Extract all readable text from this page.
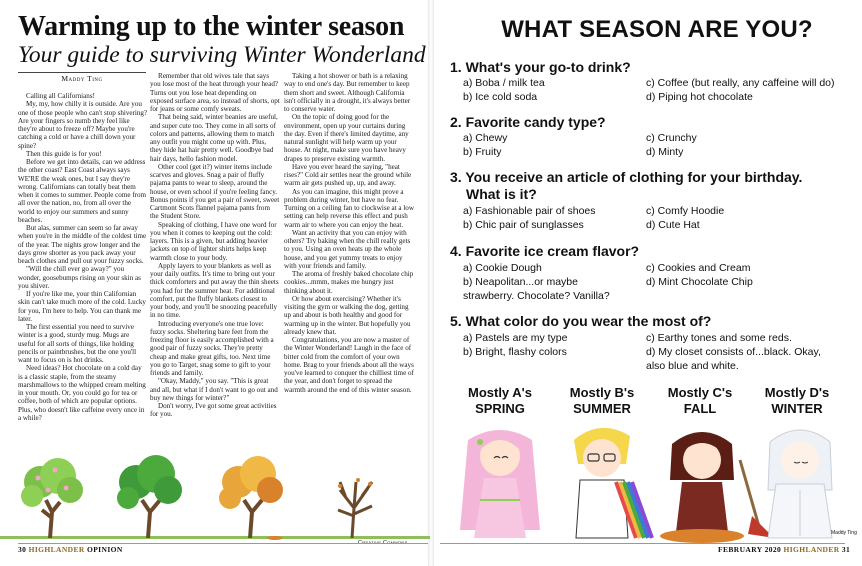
Warming up to the winter season
Your guide to surviving Winter Wonderland
Maddy Ting

Calling all Californians!

My, my, how chilly it is outside. Are you one of those people who can't stop shivering? Are your fingers so numb they feel like they're about to freeze off? Maybe you're catching a cold or have a chill down your spine?

Then this guide is for you!

Before we get into details, can we address the other coast? East Coast always says WE'RE the weak ones, but I say they're wrong. Californians can totally beat them when it comes to summer. People come from all over the nation, no, from all over the world to enjoy our summers and sunny beaches.

But alas, summer can seem so far away when you're in the middle of the coldest time of the year. The nights grow longer and the days grow shorter as you pack away your beach clothes and pull out your fuzzy socks.

"Will the chill ever go away?" you wonder, goosebumps rising on your skin as you shiver.

If you're like me, your thin Californian skin can't take much more of the cold. Lucky for you, I'm here to help. You can thank me later.

The first essential you need to survive winter is a good, sturdy mug. Mugs are useful for all sorts of things, like holding pencils or paintbrushes, but the one you'll want to focus on is hot drinks.

Need ideas? Hot chocolate on a cold day is a classic staple, from the steamy marshmallows to the whipped cream melting in your mouth. Or, you could go for tea or coffee, both of which are popular options. Plus, who doesn't like caffeine every once in a while?

Remember that old wives tale that says you lose most of the heat through your head? Turns out you lose heat depending on exposed surface area, so instead of shorts, opt for jeans or some comfy sweats.

That being said, winter beanies are useful, and super cute too. They come in all sorts of colors and patterns, allowing them to match any outfit you might come up with. Plus, they hide hat hair pretty well. Goodbye bad hair days, hello fashion model.

Other cool (get it?) winter items include scarves and gloves. Snag a pair of fluffy pajama pants to wear to sleep, around the house, or even school if you're feeling fancy. Bonus points if you get a pair of sweet, sweet Cartmont Scots flannel pajama pants from the Student Store.

Speaking of clothing, I have one word for you when it comes to keeping out the cold: layers. This is a given, but adding heavier jackets on top of lighter shirts helps keep warmth close to your body.

Apply layers to your blankets as well as your daily outfits. It's time to bring out your thick comforters and put away the thin sheets you had for the summer heat. For additional comfort, put the fluffy blankets closest to your body, and you'll be snoozing peacefully in no time.

Introducing everyone's one true love: fuzzy socks. Sheltering bare feet from the freezing floor is easily accomplished with a good pair of fuzzy socks. They're pretty cheap and make great gifts, too. Next time you go to Target, snag some to gift to your friends and family.

"Okay, Maddy," you say. "This is great and all, but what if I don't want to go out and buy new things for winter?"

Don't worry, I've got some great activities for you.

Taking a hot shower or bath is a relaxing way to end one's day. But remember to keep them short and sweet. Although California isn't officially in a drought, it's always better to conserve water.

On the topic of doing good for the environment, open up your curtains during the day. Even if there's limited daytime, any natural sunlight will help warm up your house. At night, make sure you have heavy drapes to preserve existing warmth.

Have you ever heard the saying, "heat rises?" Cold air settles near the ground while warm air gets pushed up, up, and away.

As you can imagine, this might prove a problem during winter, but have no fear. Turning on a ceiling fan to clockwise at a low setting can help reverse this effect and push warm air to where you can enjoy the heat.

Want an activity that you can enjoy with others? Try baking when the chill really gets to you. Using an oven heats up the whole house, and you get yummy treats to enjoy with your friends and family.

The aroma of freshly baked chocolate chip cookies...mmm, makes me hungry just thinking about it.

Or how about exercising? Whether it's visiting the gym or walking the dog, getting up and about is both healthy and good for warming up in the winter. But hopefully you already knew that.

Congratulations, you are now a master of the Winter Wonderland! Laugh in the face of bitter cold from the comfort of your own home. Brag to your friends about all the ways you've learned to conquer the chilliest time of the year, and don't forget to spread the warmth around the end of this winter season.

Creative Commons
30 HIGHLANDER OPINION
WHAT SEASON ARE YOU?
1. What's your go-to drink?
a) Boba / milk tea
b) Ice cold soda
c) Coffee (but really, any caffeine will do)
d) Piping hot chocolate
2. Favorite candy type?
a) Chewy
b) Fruity
c) Crunchy
d) Minty
3. You receive an article of clothing for your birthday.
What is it?
a) Fashionable pair of shoes
b) Chic pair of sunglasses
c) Comfy Hoodie
d) Cute Hat
4. Favorite ice cream flavor?
a) Cookie Dough
b) Neapolitan...or maybe
strawberry. Chocolate? Vanilla?
c) Cookies and Cream
d) Mint Chocolate Chip
5. What color do you wear the most of?
a) Pastels are my type
b) Bright, flashy colors
c) Earthy tones and some reds.
d) My closet consists of...black. Okay,
also blue and white.
Mostly A's
SPRING
Mostly B's
SUMMER
Mostly C's
FALL
Mostly D's
WINTER
Maddy Ting
FEBRUARY 2020 HIGHLANDER 31
